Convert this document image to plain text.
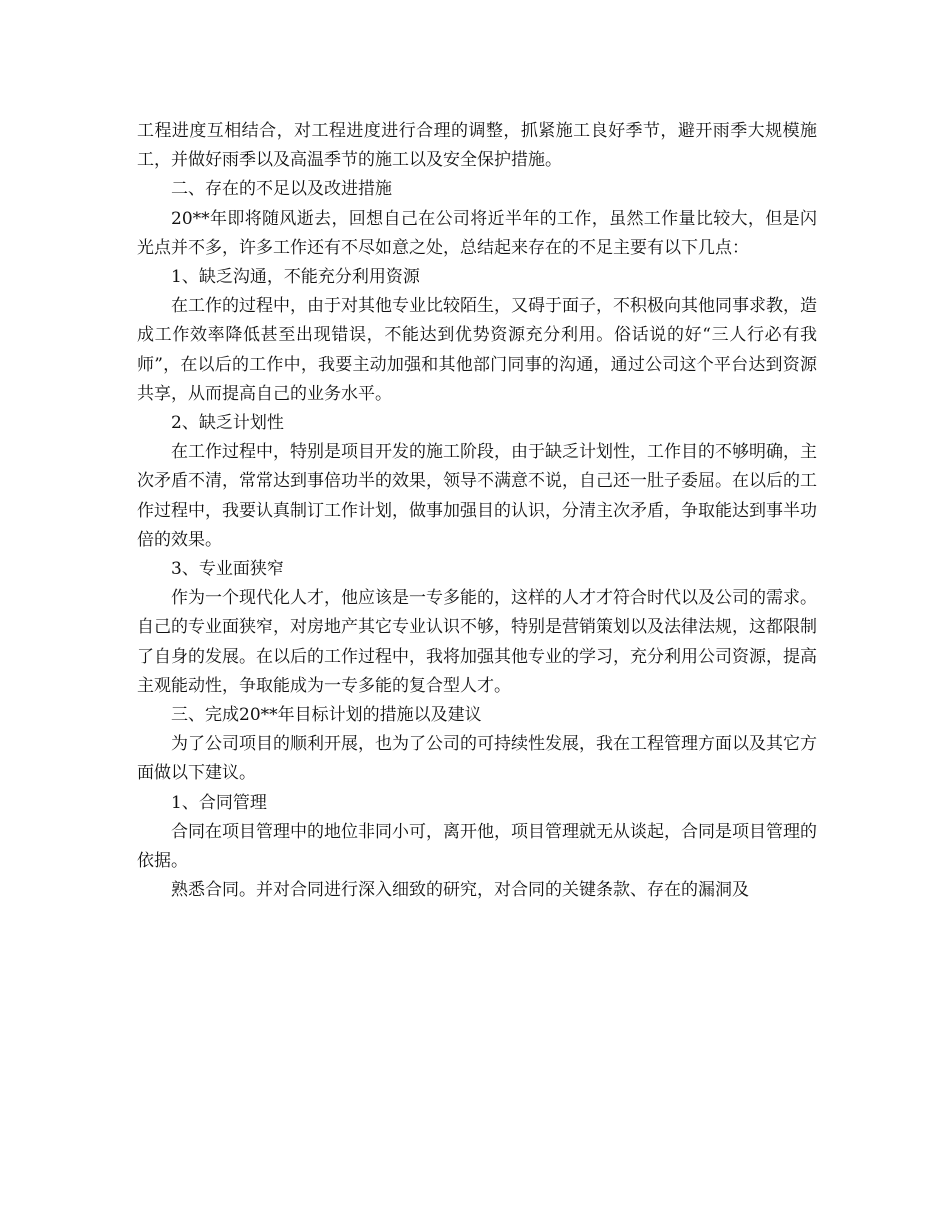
工程进度互相结合，对工程进度进行合理的调整，抓紧施工良好季节，避开雨季大规模施工，并做好雨季以及高温季节的施工以及安全保护措施。

二、存在的不足以及改进措施

20**年即将随风逝去，回想自己在公司将近半年的工作，虽然工作量比较大，但是闪光点并不多，许多工作还有不尽如意之处，总结起来存在的不足主要有以下几点：

1、缺乏沟通，不能充分利用资源

在工作的过程中，由于对其他专业比较陌生，又碍于面子，不积极向其他同事求教，造成工作效率降低甚至出现错误，不能达到优势资源充分利用。俗话说的好“三人行必有我师”，在以后的工作中，我要主动加强和其他部门同事的沟通，通过公司这个平台达到资源共享，从而提高自己的业务水平。

2、缺乏计划性

在工作过程中，特别是项目开发的施工阶段，由于缺乏计划性，工作目的不够明确，主次矛盾不清，常常达到事倍功半的效果，领导不满意不说，自己还一肚子委屈。在以后的工作过程中，我要认真制订工作计划，做事加强目的认识，分清主次矛盾，争取能达到事半功倍的效果。

3、专业面狭窄

作为一个现代化人才，他应该是一专多能的，这样的人才才符合时代以及公司的需求。自己的专业面狭窄，对房地产其它专业认识不够，特别是营销策划以及法律法规，这都限制了自身的发展。在以后的工作过程中，我将加强其他专业的学习，充分利用公司资源，提高主观能动性，争取能成为一专多能的复合型人才。

三、完成20**年目标计划的措施以及建议

为了公司项目的顺利开展，也为了公司的可持续性发展，我在工程管理方面以及其它方面做以下建议。

1、合同管理

合同在项目管理中的地位非同小可，离开他，项目管理就无从谈起，合同是项目管理的依据。

熟悉合同。并对合同进行深入细致的研究，对合同的关键条款、存在的漏洞及
